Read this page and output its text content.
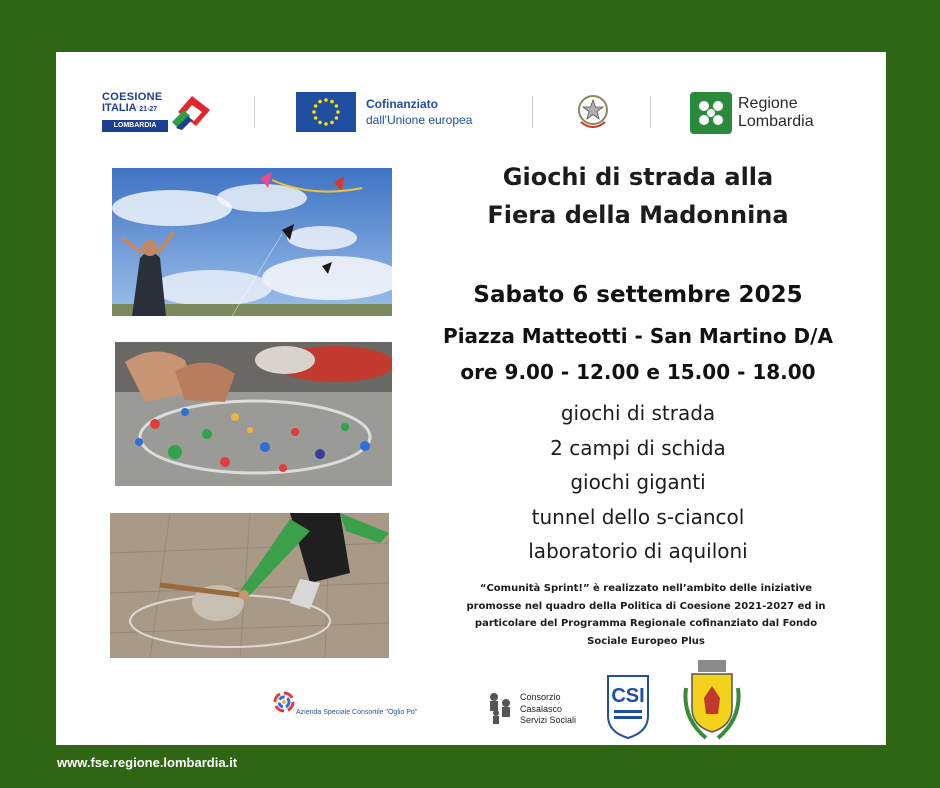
COESIONE
ITALIA 21-27
LOMBARDIA
Cofinanziato
dall'Unione europea
Regione
Lombardia
Giochi di strada alla
Fiera della Madonnina
Sabato 6 settembre 2025
Piazza Matteotti - San Martino D/A
ore 9.00 - 12.00 e 15.00 - 18.00
giochi di strada
2 campi di schida
giochi giganti
tunnel dello s-ciancol
laboratorio di aquiloni
“Comunità Sprint!” è realizzato nell’ambito delle iniziative
promosse nel quadro della Politica di Coesione 2021-2027 ed in
particolare del Programma Regionale cofinanziato dal Fondo
Sociale Europeo Plus
Azienda Speciale Consortile "Oglio Po"
Consorzio
Casalasco
Servizi Sociali
CSI
www.fse.regione.lombardia.it
